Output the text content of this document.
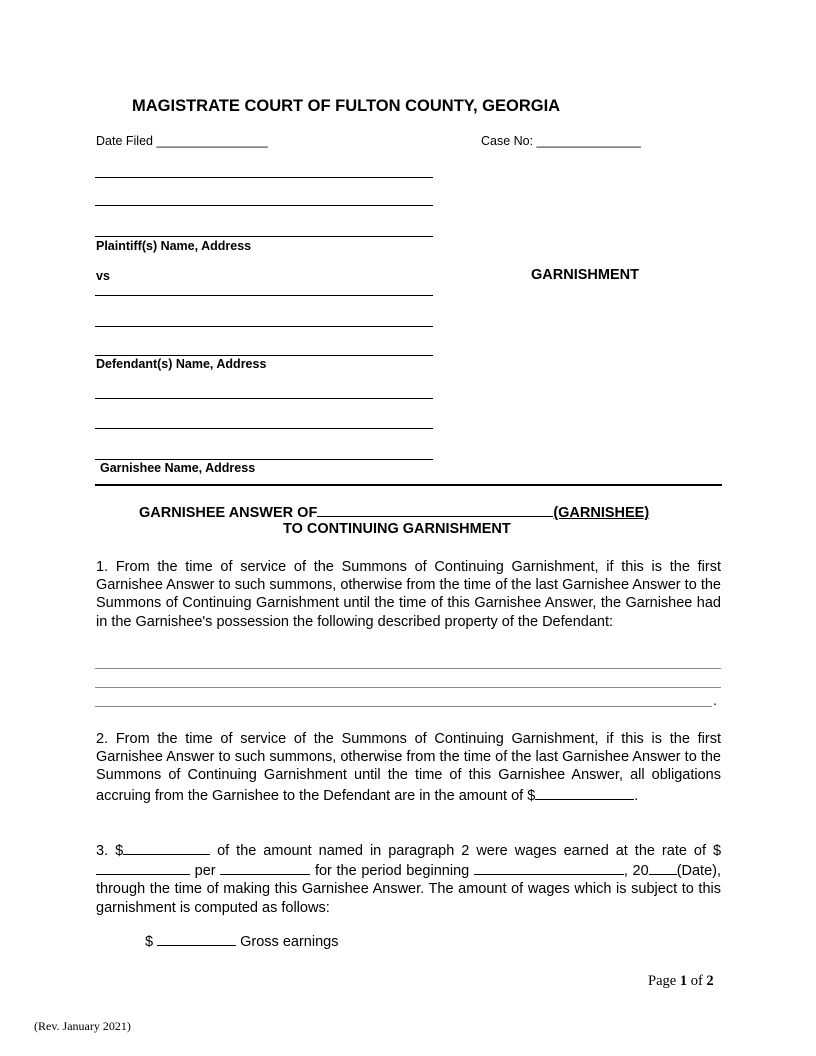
MAGISTRATE COURT OF FULTON COUNTY, GEORGIA
Date Filed ________________	Case No: _______________
Plaintiff(s) Name, Address
vs	GARNISHMENT
Defendant(s) Name, Address
Garnishee Name, Address
GARNISHEE ANSWER OF	(GARNISHEE)
TO CONTINUING GARNISHMENT
1. From the time of service of the Summons of Continuing Garnishment, if this is the first Garnishee Answer to such summons, otherwise from the time of the last Garnishee Answer to the Summons of Continuing Garnishment until the time of this Garnishee Answer, the Garnishee had in the Garnishee's possession the following described property of the Defendant:
.
2. From the time of service of the Summons of Continuing Garnishment, if this is the first Garnishee Answer to such summons, otherwise from the time of the last Garnishee Answer to the Summons of Continuing Garnishment until the time of this Garnishee Answer, all obligations accruing from the Garnishee to the Defendant are in the amount of $	.
3. $	of the amount named in paragraph 2 were wages earned at the rate of $ per	for the period beginning	, 20 (Date), through the time of making this Garnishee Answer. The amount of wages which is subject to this garnishment is computed as follows:
$	Gross earnings
Page 1 of 2
(Rev. January 2021)
